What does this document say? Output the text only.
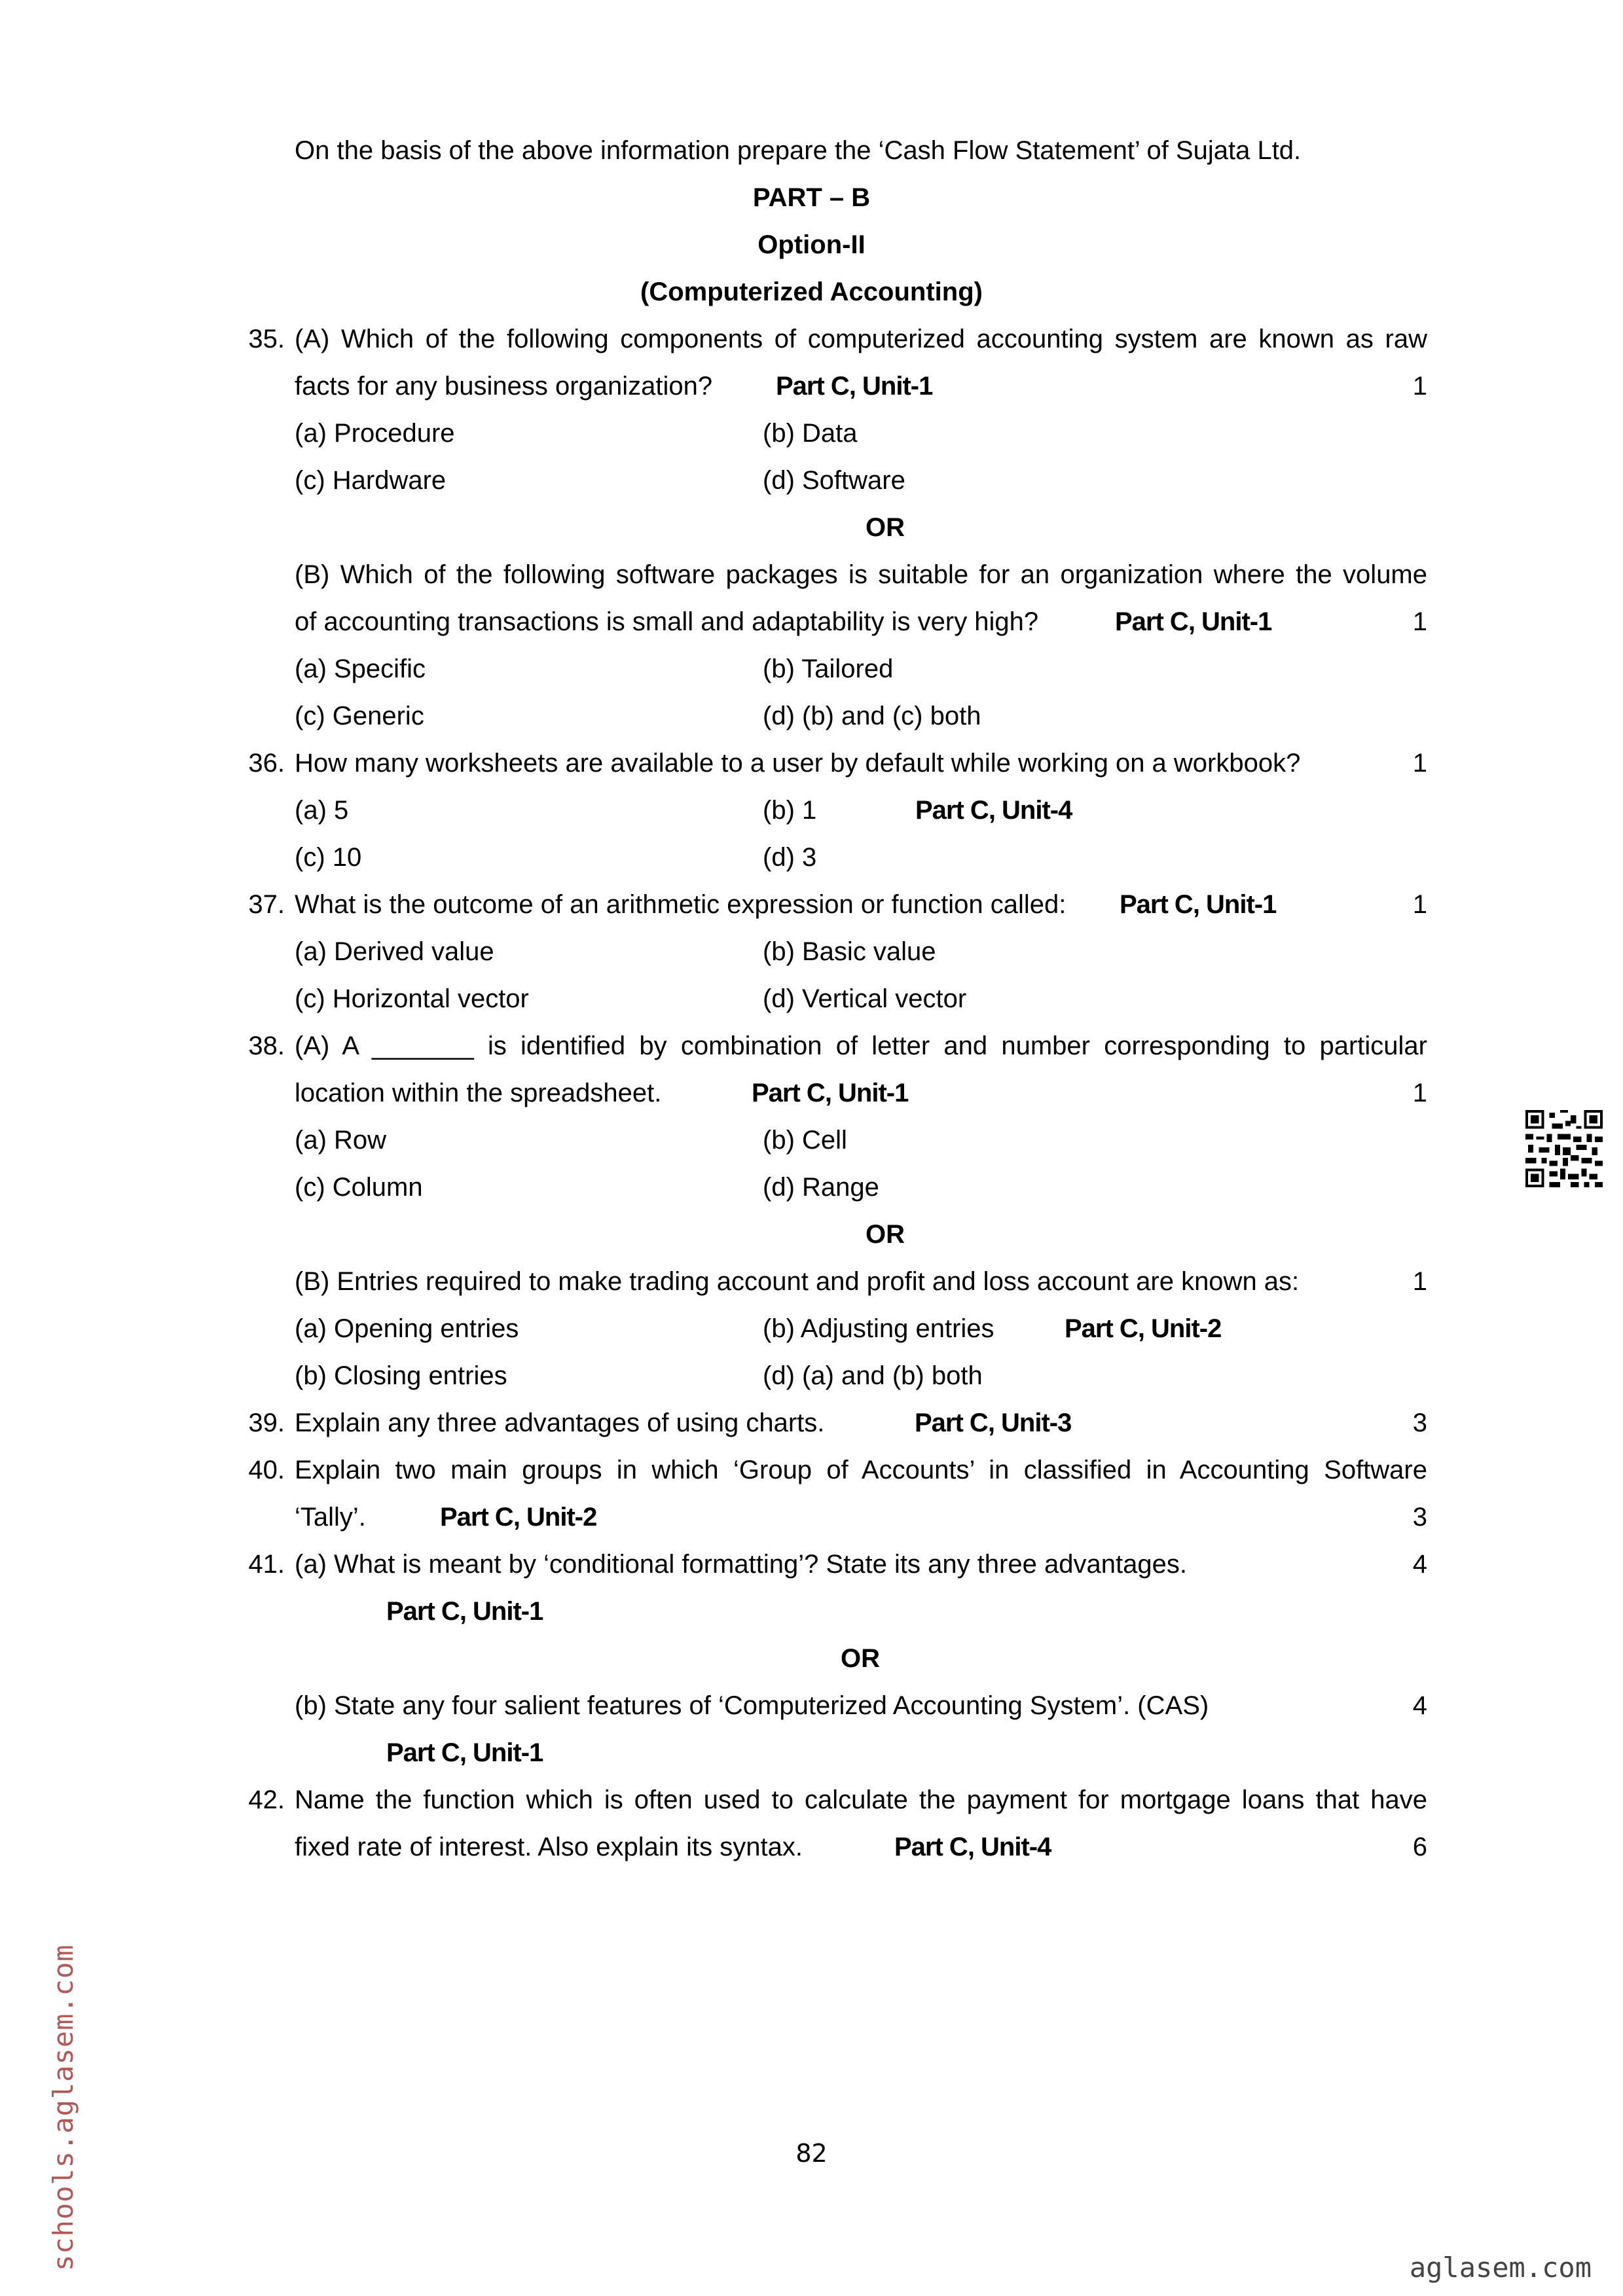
On the basis of the above information prepare the ‘Cash Flow Statement’ of Sujata Ltd.
PART – B
Option-II
(Computerized Accounting)
35. (A) Which of the following components of computerized accounting system are known as raw
facts for any business organization? Part C, Unit-1	1
(a) Procedure	(b) Data
(c) Hardware	(d) Software
OR
(B) Which of the following software packages is suitable for an organization where the volume
of accounting transactions is small and adaptability is very high?	Part C, Unit-1	1
(a) Specific	(b) Tailored
(c) Generic	(d) (b) and (c) both
36. How many worksheets are available to a user by default while working on a workbook?	1
(a) 5	(b) 1	Part C, Unit-4
(c) 10	(d) 3
37. What is the outcome of an arithmetic expression or function called: Part C, Unit-1	1
(a) Derived value	(b) Basic value
(c) Horizontal vector	(d) Vertical vector
38. (A) A _______ is identified by combination of letter and number corresponding to particular
location within the spreadsheet.	Part C, Unit-1	1
(a) Row	(b) Cell
(c) Column	(d) Range
OR
(B) Entries required to make trading account and profit and loss account are known as:	1
(a) Opening entries	(b) Adjusting entries	Part C, Unit-2
(b) Closing entries	(d) (a) and (b) both
39. Explain any three advantages of using charts.	Part C, Unit-3	3
40. Explain two main groups in which ‘Group of Accounts’ in classified in Accounting Software
‘Tally’.	Part C, Unit-2	3
41. (a) What is meant by ‘conditional formatting’? State its any three advantages.	4
Part C, Unit-1
OR
(b) State any four salient features of ‘Computerized Accounting System’. (CAS)	4
Part C, Unit-1
42. Name the function which is often used to calculate the payment for mortgage loans that have
fixed rate of interest. Also explain its syntax.	Part C, Unit-4	6
82
schools.aglasem.com	aglasem.com
